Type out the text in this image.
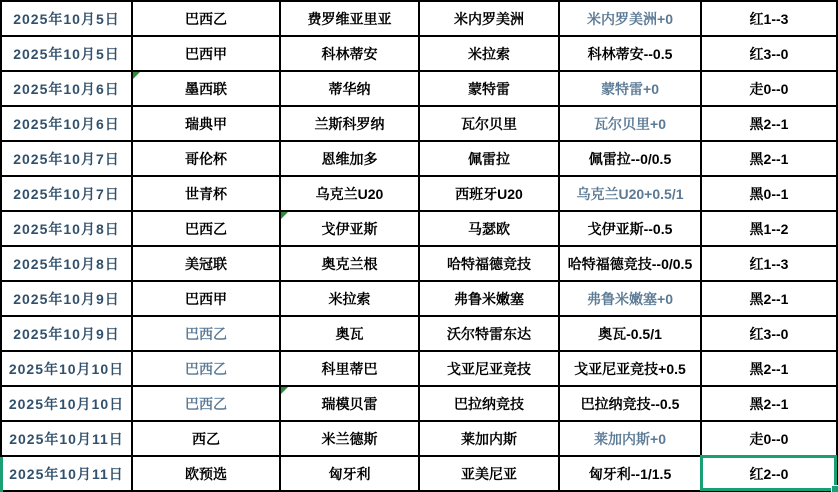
2025年10月5日	巴西乙	费罗维亚里亚	米内罗美洲	米内罗美洲+0	红1--3
2025年10月5日	巴西甲	科林蒂安	米拉索	科林蒂安--0.5	红3--0
2025年10月6日	墨西联	蒂华纳	蒙特雷	蒙特雷+0	走0--0
2025年10月6日	瑞典甲	兰斯科罗纳	瓦尔贝里	瓦尔贝里+0	黑2--1
2025年10月7日	哥伦杯	恩维加多	佩雷拉	佩雷拉--0/0.5	黑2--1
2025年10月7日	世青杯	乌克兰U20	西班牙U20	乌克兰U20+0.5/1	黑0--1
2025年10月8日	巴西乙	戈伊亚斯	马瑟欧	戈伊亚斯--0.5	黑1--2
2025年10月8日	美冠联	奥克兰根	哈特福德竞技	哈特福德竞技--0/0.5	红1--3
2025年10月9日	巴西甲	米拉索	弗鲁米嫩塞	弗鲁米嫩塞+0	黑2--1
2025年10月9日	巴西乙	奥瓦	沃尔特雷东达	奥瓦-0.5/1	红3--0
2025年10月10日	巴西乙	科里蒂巴	戈亚尼亚竞技	戈亚尼亚竞技+0.5	黑2--1
2025年10月10日	巴西乙	瑞模贝雷	巴拉纳竞技	巴拉纳竞技--0.5	黑2--1
2025年10月11日	西乙	米兰德斯	莱加内斯	莱加内斯+0	走0--0
2025年10月11日	欧预选	匈牙利	亚美尼亚	匈牙利--1/1.5	红2--0
